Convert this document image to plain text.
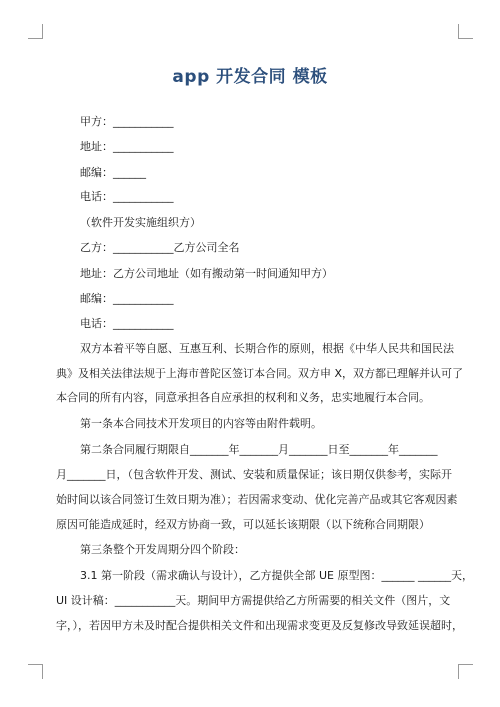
app 开发合同 模板
甲方：___________
地址：___________
邮编：______
电话：___________
（软件开发实施组织方）
乙方：___________乙方公司全名
地址：乙方公司地址（如有搬动第一时间通知甲方）
邮编：___________
电话：___________
双方本着平等自愿、互惠互利、长期合作的原则，根据《中华人民共和国民法
典》及相关法律法规于上海市普陀区签订本合同。双方申 X，双方都已理解并认可了
本合同的所有内容，同意承担各自应承担的权利和义务，忠实地履行本合同。
第一条本合同技术开发项目的内容等由附件载明。
第二条合同履行期限自_______年_______月_______日至_______年_______
月_______日，（包含软件开发、测试、安装和质量保证；该日期仅供参考，实际开
始时间以该合同签订生效日期为准）；若因需求变动、优化完善产品或其它客观因素
原因可能造成延时，经双方协商一致，可以延长该期限（以下统称合同期限）
第三条整个开发周期分四个阶段：
3.1 第一阶段（需求确认与设计），乙方提供全部 UE 原型图：______ ______天，
UI 设计稿：___________天。期间甲方需提供给乙方所需要的相关文件（图片，文
字，），若因甲方未及时配合提供相关文件和出现需求变更及反复修改导致延误超时，
